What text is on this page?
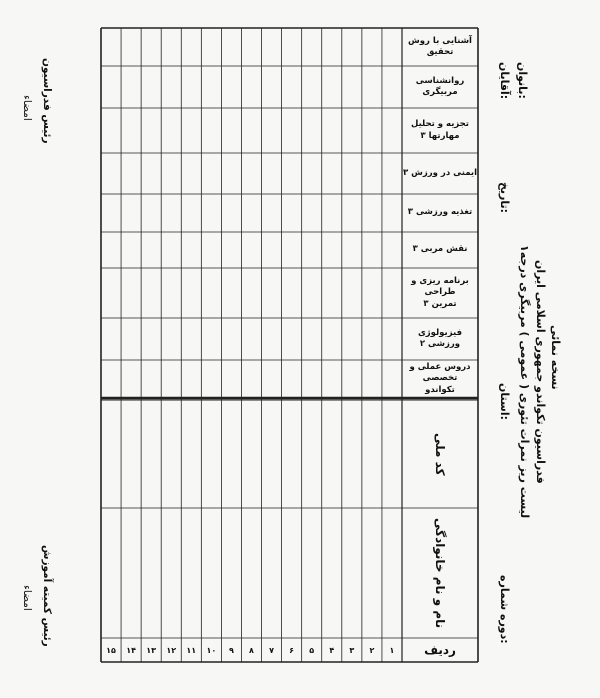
نسخه نمائی
فدراسیون تکواندو جمهوری اسلامی ایران
لیست ریز نمرات تئوری ( عمومی ) مربیگری درجه۱
استان:
دوره شماره:
تاریخ:
آقایان:
بانوان:
رئیس فدراسیون
امضاء
رئیس کمیته آموزش
امضاء
آشنایی با روش تحقیق
روانشناسی مربیگری
تجزیه و تحلیل مهارتها ۳
ایمنی در ورزش ۳
تغذیه ورزشی ۳
نقش مربی ۳
برنامه ریزی و طراحی
تمرین ۳
فیزیولوژی ورزشی ۲
دروس عملی و تخصصی
تکواندو
کد ملی
نام و نام خانوادگی
ردیف
۱
۲
۳
۴
۵
۶
۷
۸
۹
۱۰
۱۱
۱۲
۱۳
۱۴
۱۵
